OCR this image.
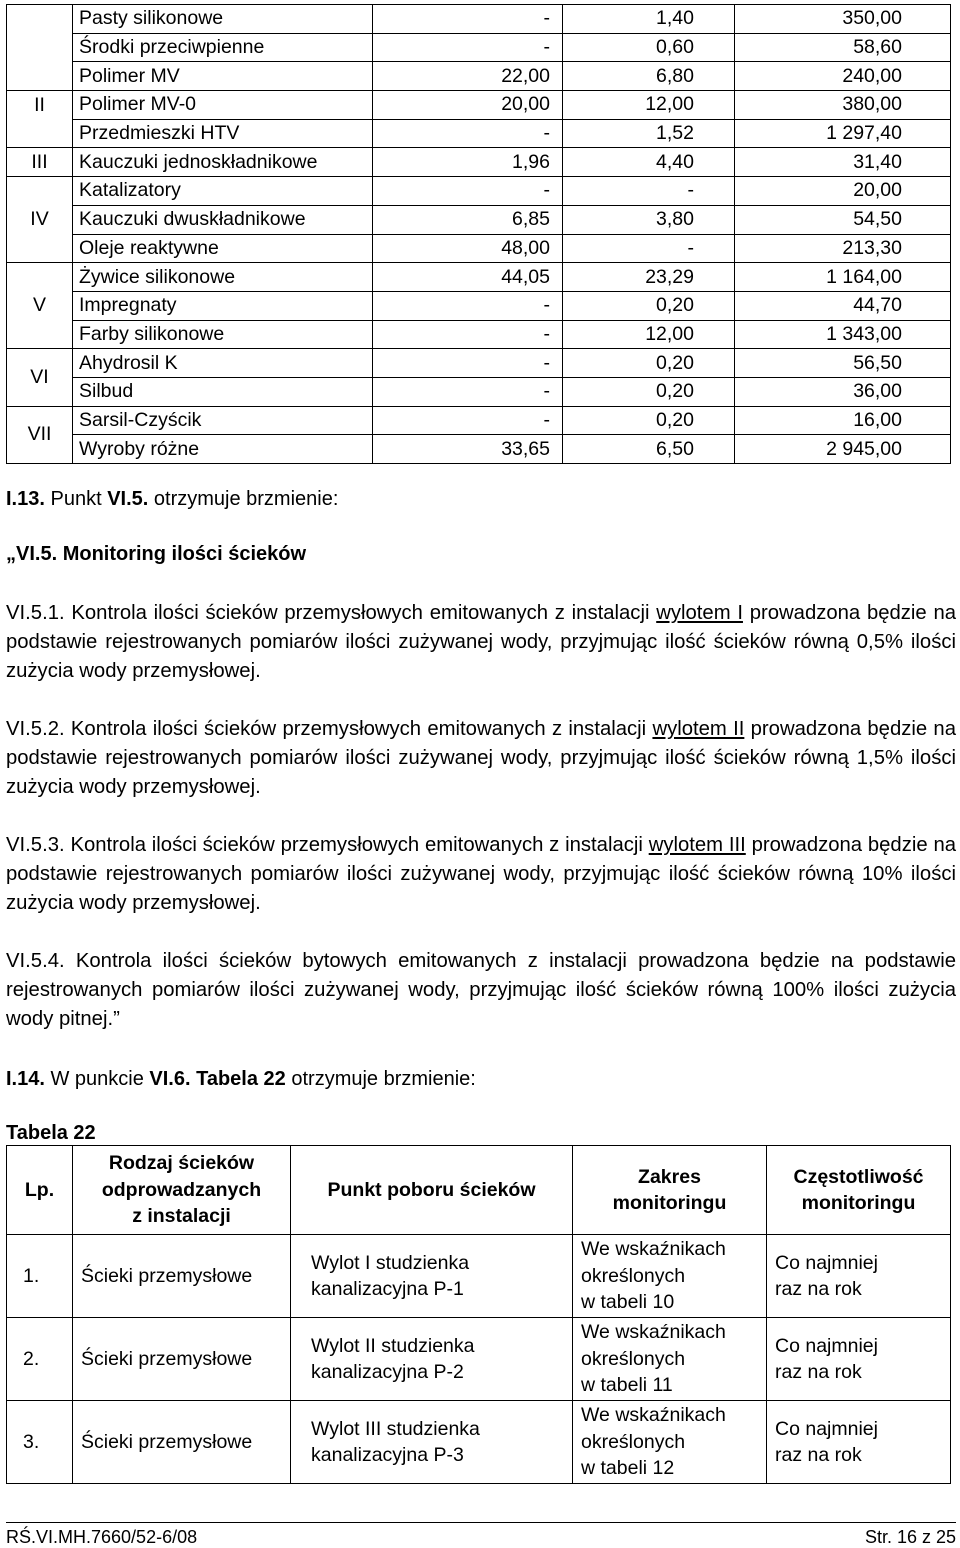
	Pasty silikonowe	-	1,40	350,00
	Środki przeciwpienne	-	0,60	58,60
	Polimer MV	22,00	6,80	240,00
II	Polimer MV-0	20,00	12,00	380,00
	Przedmieszki HTV	-	1,52	1 297,40
III	Kauczuki jednoskładnikowe	1,96	4,40	31,40
IV	Katalizatory	-	-	20,00
	Kauczuki dwuskładnikowe	6,85	3,80	54,50
	Oleje reaktywne	48,00	-	213,30
V	Żywice silikonowe	44,05	23,29	1 164,00
	Impregnaty	-	0,20	44,70
	Farby silikonowe	-	12,00	1 343,00
VI	Ahydrosil K	-	0,20	56,50
	Silbud	-	0,20	36,00
VII	Sarsil-Czyścik	-	0,20	16,00
	Wyroby różne	33,65	6,50	2 945,00
I.13. Punkt VI.5. otrzymuje brzmienie:
„VI.5. Monitoring ilości ścieków

VI.5.1. Kontrola ilości ścieków przemysłowych emitowanych z instalacji wylotem I prowadzona będzie na podstawie rejestrowanych pomiarów ilości zużywanej wody, przyjmując ilość ścieków równą 0,5% ilości zużycia wody przemysłowej.

VI.5.2. Kontrola ilości ścieków przemysłowych emitowanych z instalacji wylotem II prowadzona będzie na podstawie rejestrowanych pomiarów ilości zużywanej wody, przyjmując ilość ścieków równą 1,5% ilości zużycia wody przemysłowej.

VI.5.3. Kontrola ilości ścieków przemysłowych emitowanych z instalacji wylotem III prowadzona będzie na podstawie rejestrowanych pomiarów ilości zużywanej wody, przyjmując ilość ścieków równą 10% ilości zużycia wody przemysłowej.

VI.5.4. Kontrola ilości ścieków bytowych emitowanych z instalacji prowadzona będzie na podstawie rejestrowanych pomiarów ilości zużywanej wody, przyjmując ilość ścieków równą 100% ilości zużycia wody pitnej.”

I.14. W punkcie VI.6. Tabela 22 otrzymuje brzmienie:
Tabela 22
Lp.	Rodzaj ścieków
odprowadzanych
z instalacji	Punkt poboru ścieków	Zakres
monitoringu	Częstotliwość
monitoringu
1.	Ścieki przemysłowe	Wylot I studzienka
kanalizacyjna P-1	We wskaźnikach
określonych
w tabeli 10	Co najmniej
raz na rok
2.	Ścieki przemysłowe	Wylot II studzienka
kanalizacyjna P-2	We wskaźnikach
określonych
w tabeli 11	Co najmniej
raz na rok
3.	Ścieki przemysłowe	Wylot III studzienka
kanalizacyjna P-3	We wskaźnikach
określonych
w tabeli 12	Co najmniej
raz na rok
RŚ.VI.MH.7660/52-6/08	Str. 16 z 25
